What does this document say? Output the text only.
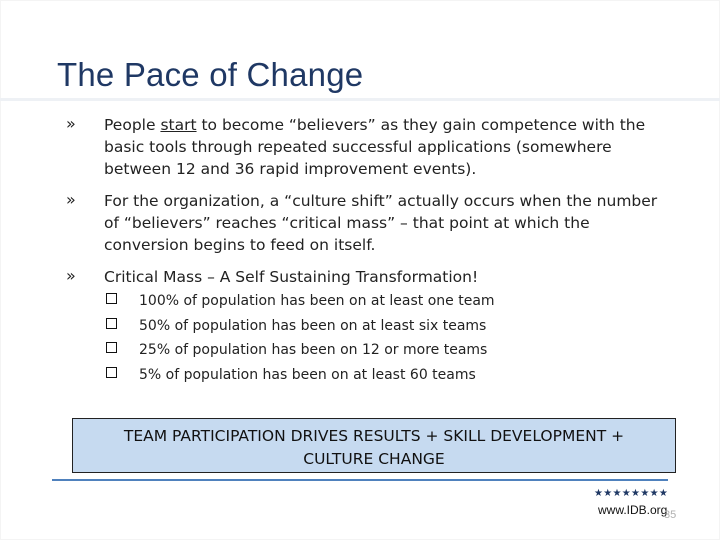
The Pace of Change
» People start to become “believers” as they gain competence with the basic tools through repeated successful applications (somewhere between 12 and 36 rapid improvement events).
» For the organization, a “culture shift” actually occurs when the number of “believers” reaches “critical mass” – that point at which the conversion begins to feed on itself.
» Critical Mass – A Self Sustaining Transformation!
100% of population has been on at least one team
50% of population has been on at least six teams
25% of population has been on 12 or more teams
5% of population has been on at least 60 teams
TEAM PARTICIPATION DRIVES RESULTS + SKILL DEVELOPMENT +
CULTURE CHANGE
★★★★★★★★
www.IDB.org
35
